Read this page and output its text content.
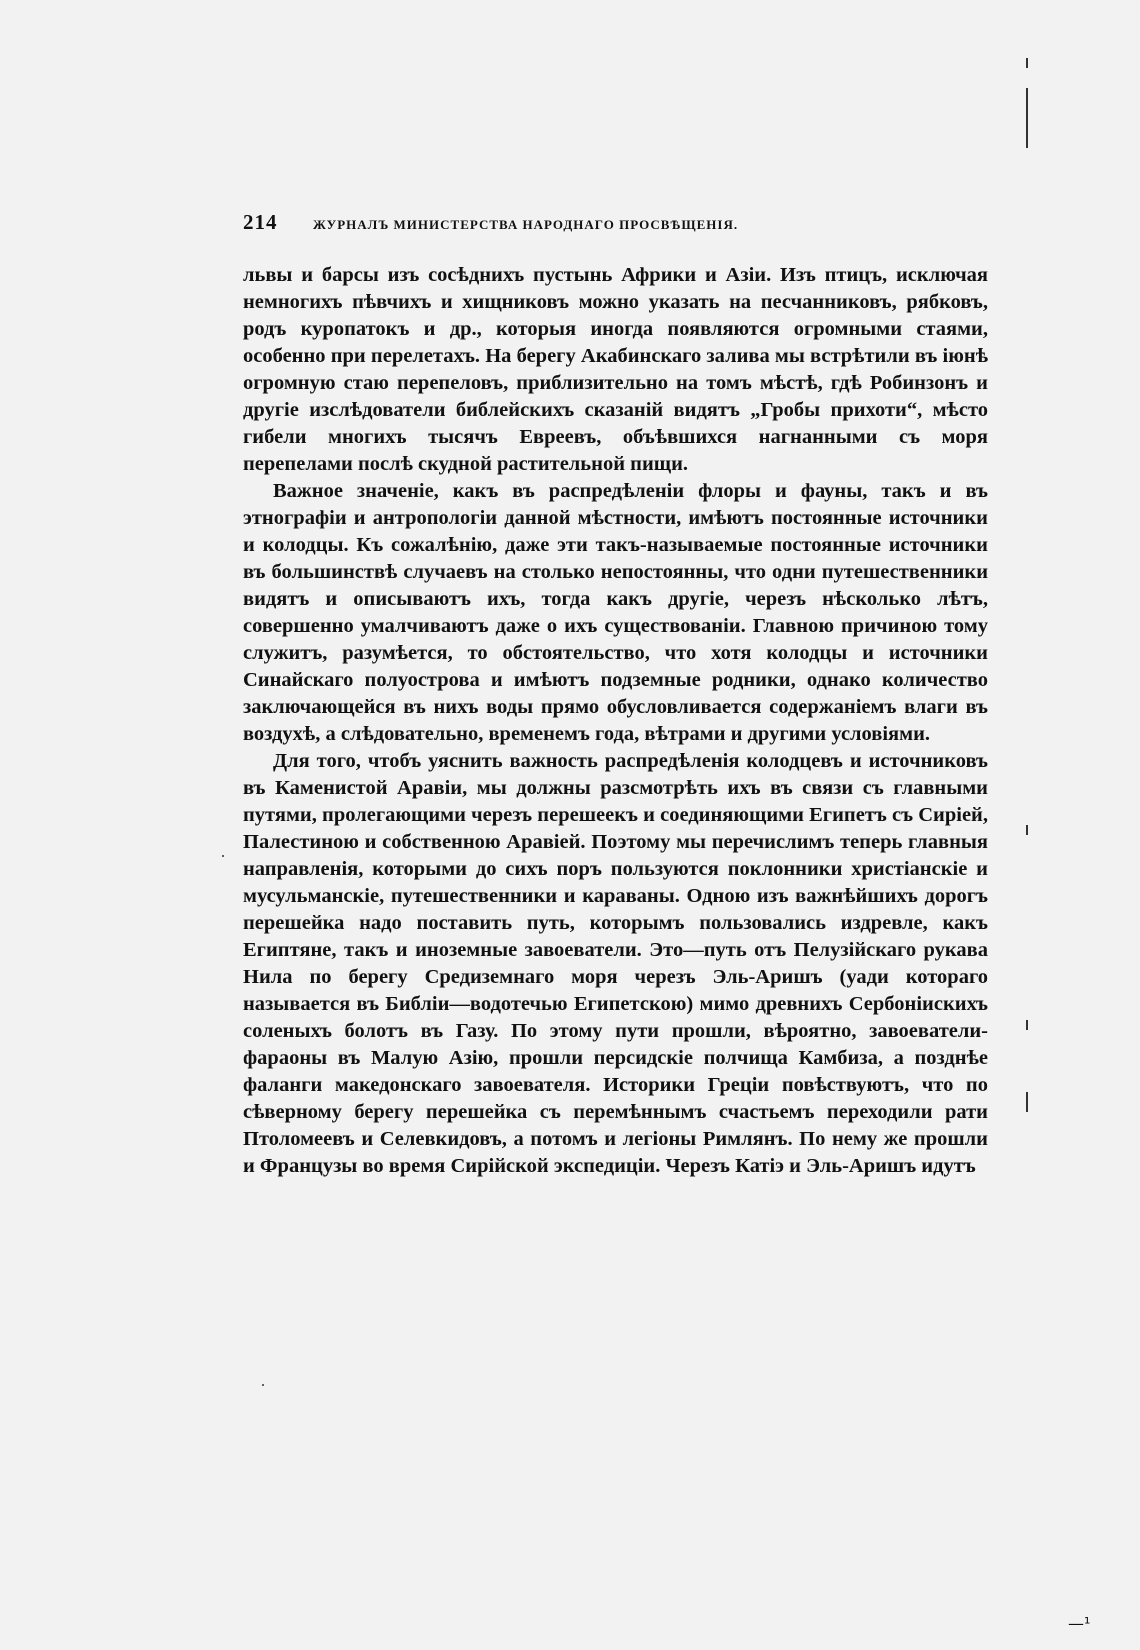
214	ЖУРНАЛЪ МИНИСТЕРСТВА НАРОДНАГО ПРОСВѢЩЕНІЯ.

львы и барсы изъ сосѣднихъ пустынь Африки и Азіи. Изъ птицъ, исключая немногихъ пѣвчихъ и хищниковъ можно указать на песчанниковъ, рябковъ, родъ куропатокъ и др., которыя иногда появляются огромными стаями, особенно при перелетахъ. На берегу Акабинскаго залива мы встрѣтили въ іюнѣ огромную стаю перепеловъ, приблизительно на томъ мѣстѣ, гдѣ Робинзонъ и другіе изслѣдователи библейскихъ сказаній видятъ „Гробы прихоти“, мѣсто гибели многихъ тысячъ Евреевъ, объѣвшихся нагнанными съ моря перепелами послѣ скудной растительной пищи.

Важное значеніе, какъ въ распредѣленіи флоры и фауны, такъ и въ этнографіи и антропологіи данной мѣстности, имѣютъ постоянные источники и колодцы. Къ сожалѣнію, даже эти такъ-называемые постоянные источники въ большинствѣ случаевъ на столько непостоянны, что одни путешественники видятъ и описываютъ ихъ, тогда какъ другіе, черезъ нѣсколько лѣтъ, совершенно умалчиваютъ даже о ихъ существованіи. Главною причиною тому служитъ, разумѣется, то обстоятельство, что хотя колодцы и источники Синайскаго полуострова и имѣютъ подземные родники, однако количество заключающейся въ нихъ воды прямо обусловливается содержаніемъ влаги въ воздухѣ, а слѣдовательно, временемъ года, вѣтрами и другими условіями.

Для того, чтобъ уяснить важность распредѣленія колодцевъ и источниковъ въ Каменистой Аравіи, мы должны разсмотрѣть ихъ въ связи съ главными путями, пролегающими черезъ перешеекъ и соединяющими Египетъ съ Сиріей, Палестиною и собственною Аравіей. Поэтому мы перечислимъ теперь главныя направленія, которыми до сихъ поръ пользуются поклонники христіанскіе и мусульманскіе, путешественники и караваны. Одною изъ важнѣйшихъ дорогъ перешейка надо поставить путь, которымъ пользовались издревле, какъ Египтяне, такъ и иноземные завоеватели. Это—путь отъ Пелузійскаго рукава Нила по берегу Средиземнаго моря черезъ Эль-Аришъ (уади котораго называется въ Библіи—водотечью Египетскою) мимо древнихъ Сербоніискихъ соленыхъ болотъ въ Газу. По этому пути прошли, вѣроятно, завоеватели-фараоны въ Малую Азію, прошли персидскіе полчища Камбиза, а позднѣе фаланги македонскаго завоевателя. Историки Греціи повѣствуютъ, что по сѣверному берегу перешейка съ перемѣннымъ счастьемъ переходили рати Птоломеевъ и Селевкидовъ, а потомъ и легіоны Римлянъ. По нему же прошли и Французы во время Сирійской экспедиціи. Черезъ Катіэ и Эль-Аришъ идутъ

—¹
